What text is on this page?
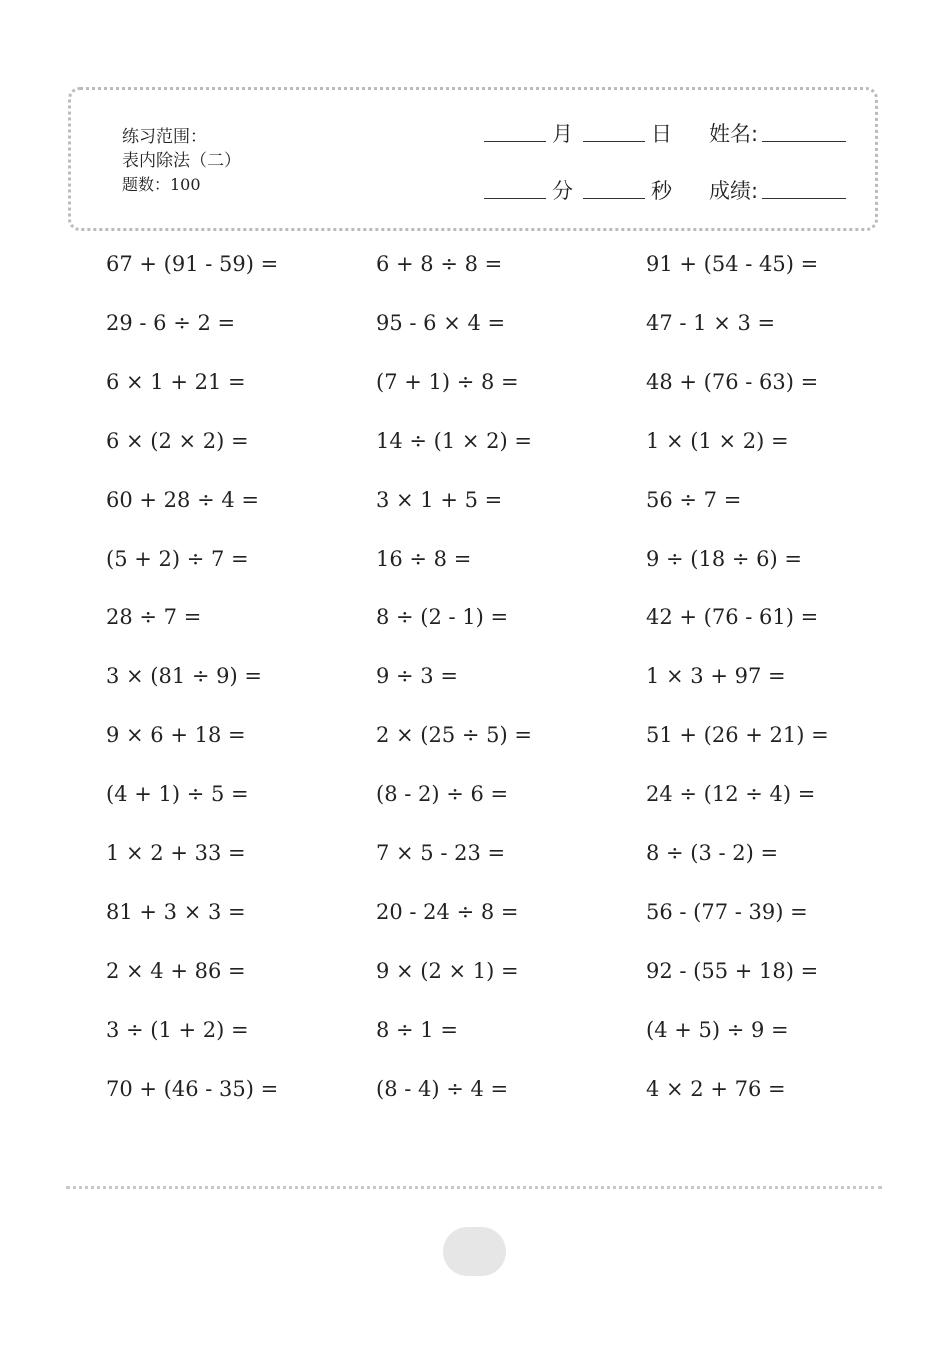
练习范围：
表内除法（二）
题数：100
月	日 姓名:
分	秒 成绩:
67 + (91 - 59) =	6 + 8 ÷ 8 =	91 + (54 - 45) =
29 - 6 ÷ 2 =	95 - 6 × 4 =	47 - 1 × 3 =
6 × 1 + 21 =	(7 + 1) ÷ 8 =	48 + (76 - 63) =
6 × (2 × 2) =	14 ÷ (1 × 2) =	1 × (1 × 2) =
60 + 28 ÷ 4 =	3 × 1 + 5 =	56 ÷ 7 =
(5 + 2) ÷ 7 =	16 ÷ 8 =	9 ÷ (18 ÷ 6) =
28 ÷ 7 =	8 ÷ (2 - 1) =	42 + (76 - 61) =
3 × (81 ÷ 9) =	9 ÷ 3 =	1 × 3 + 97 =
9 × 6 + 18 =	2 × (25 ÷ 5) =	51 + (26 + 21) =
(4 + 1) ÷ 5 =	(8 - 2) ÷ 6 =	24 ÷ (12 ÷ 4) =
1 × 2 + 33 =	7 × 5 - 23 =	8 ÷ (3 - 2) =
81 + 3 × 3 =	20 - 24 ÷ 8 =	56 - (77 - 39) =
2 × 4 + 86 =	9 × (2 × 1) =	92 - (55 + 18) =
3 ÷ (1 + 2) =	8 ÷ 1 =	(4 + 5) ÷ 9 =
70 + (46 - 35) =	(8 - 4) ÷ 4 =	4 × 2 + 76 =
